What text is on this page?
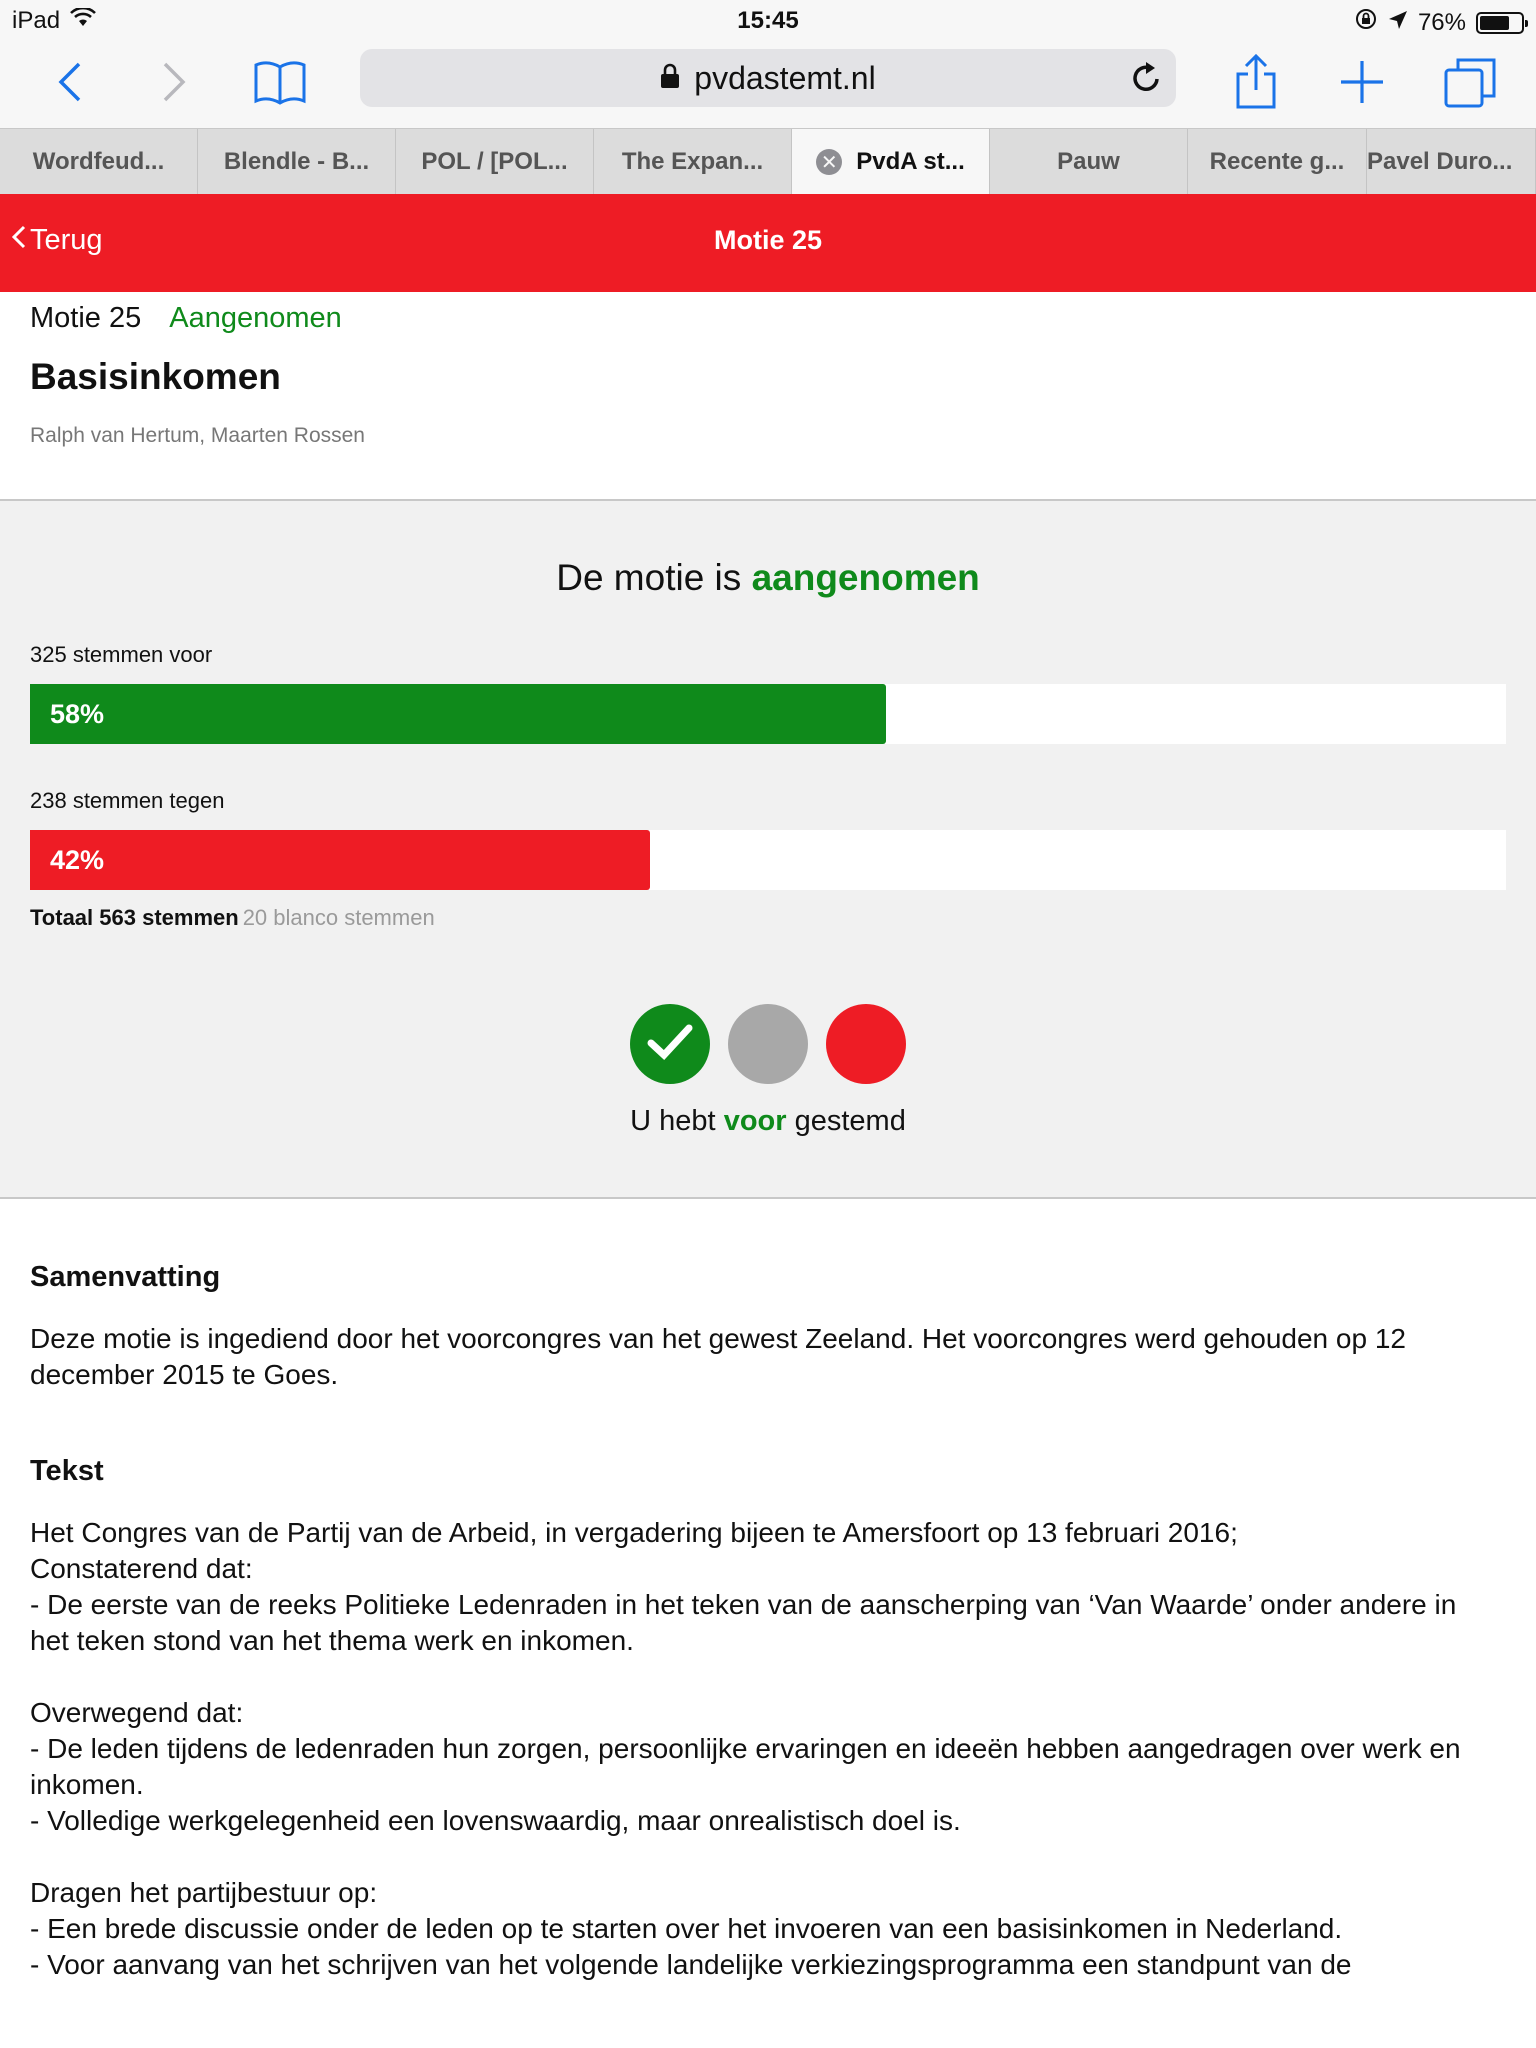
iPad	15:45	76%
pvdastemt.nl
Wordfeud... Blendle - B... POL / [POL... The Expan...	✕ PvdA st...	Pauw	Recente g... Pavel Duro...
Terug	Motie 25
Motie 25 Aangenomen
Basisinkomen
Ralph van Hertum, Maarten Rossen
De motie is aangenomen
325 stemmen voor
58%
238 stemmen tegen
42%
Totaal 563 stemmen 20 blanco stemmen
U hebt voor gestemd
Samenvatting
Deze motie is ingediend door het voorcongres van het gewest Zeeland. Het voorcongres werd gehouden op 12 december 2015 te Goes.
Tekst
Het Congres van de Partij van de Arbeid, in vergadering bijeen te Amersfoort op 13 februari 2016;
Constaterend dat:
- De eerste van de reeks Politieke Ledenraden in het teken van de aanscherping van ‘Van Waarde’ onder andere in
het teken stond van het thema werk en inkomen.
Overwegend dat:
- De leden tijdens de ledenraden hun zorgen, persoonlijke ervaringen en ideeën hebben aangedragen over werk en
inkomen.
- Volledige werkgelegenheid een lovenswaardig, maar onrealistisch doel is.
Dragen het partijbestuur op:
- Een brede discussie onder de leden op te starten over het invoeren van een basisinkomen in Nederland.
- Voor aanvang van het schrijven van het volgende landelijke verkiezingsprogramma een standpunt van de
